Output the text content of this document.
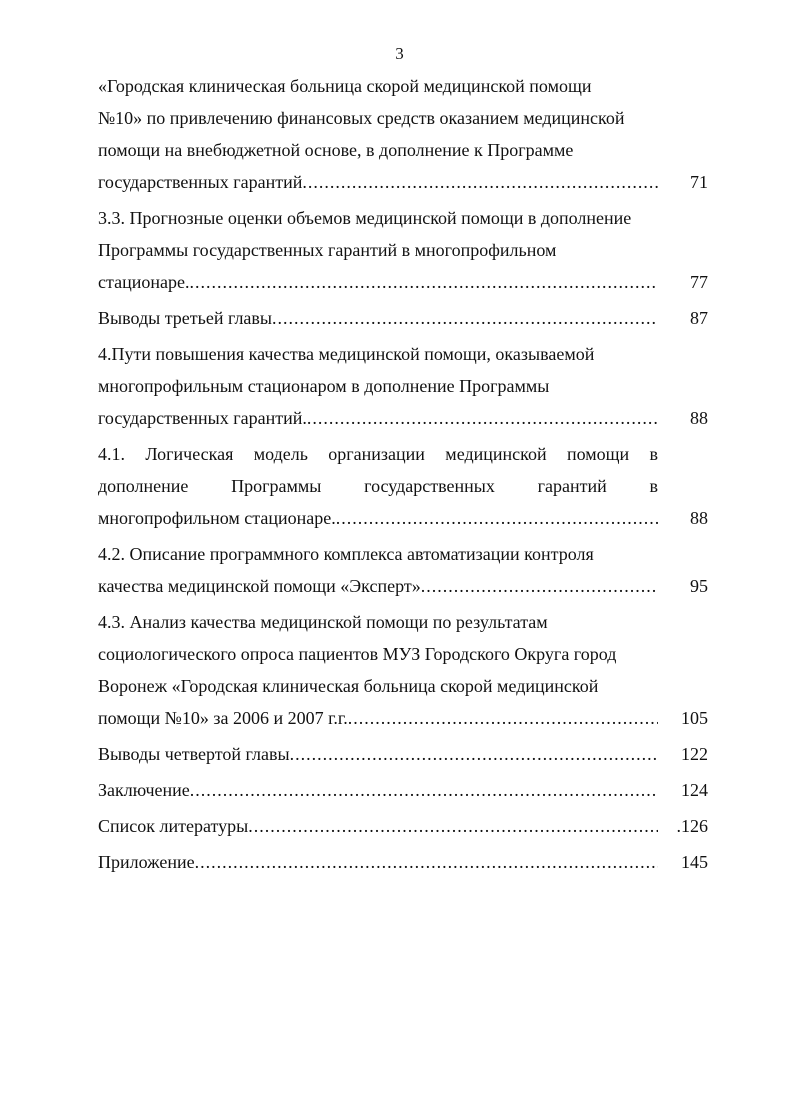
3
«Городская клиническая больница скорой медицинской помощи
№10» по привлечению финансовых средств оказанием медицинской
помощи на внебюджетной основе, в дополнение к Программе
государственных гарантий .....	71
3.3. Прогнозные оценки объемов медицинской помощи в дополнение
Программы государственных гарантий в многопрофильном
стационаре. .....	77
Выводы третьей главы .....	87
4.Пути повышения качества медицинской помощи, оказываемой
многопрофильным стационаром в дополнение Программы
государственных гарантий. .....	88
4.1. Логическая модель организации медицинской помощи в
дополнение Программы государственных гарантий в
многопрофильном стационаре. .....	88
4.2. Описание программного комплекса автоматизации контроля
качества медицинской помощи «Эксперт» .....	95
4.3. Анализ качества медицинской помощи по результатам
социологического опроса пациентов МУЗ Городского Округа город
Воронеж «Городская клиническая больница скорой медицинской
помощи №10» за 2006 и 2007 г.г. .....	105
Выводы четвертой главы .....	122
Заключение .....	124
Список литературы .....	.126
Приложение .....	145
